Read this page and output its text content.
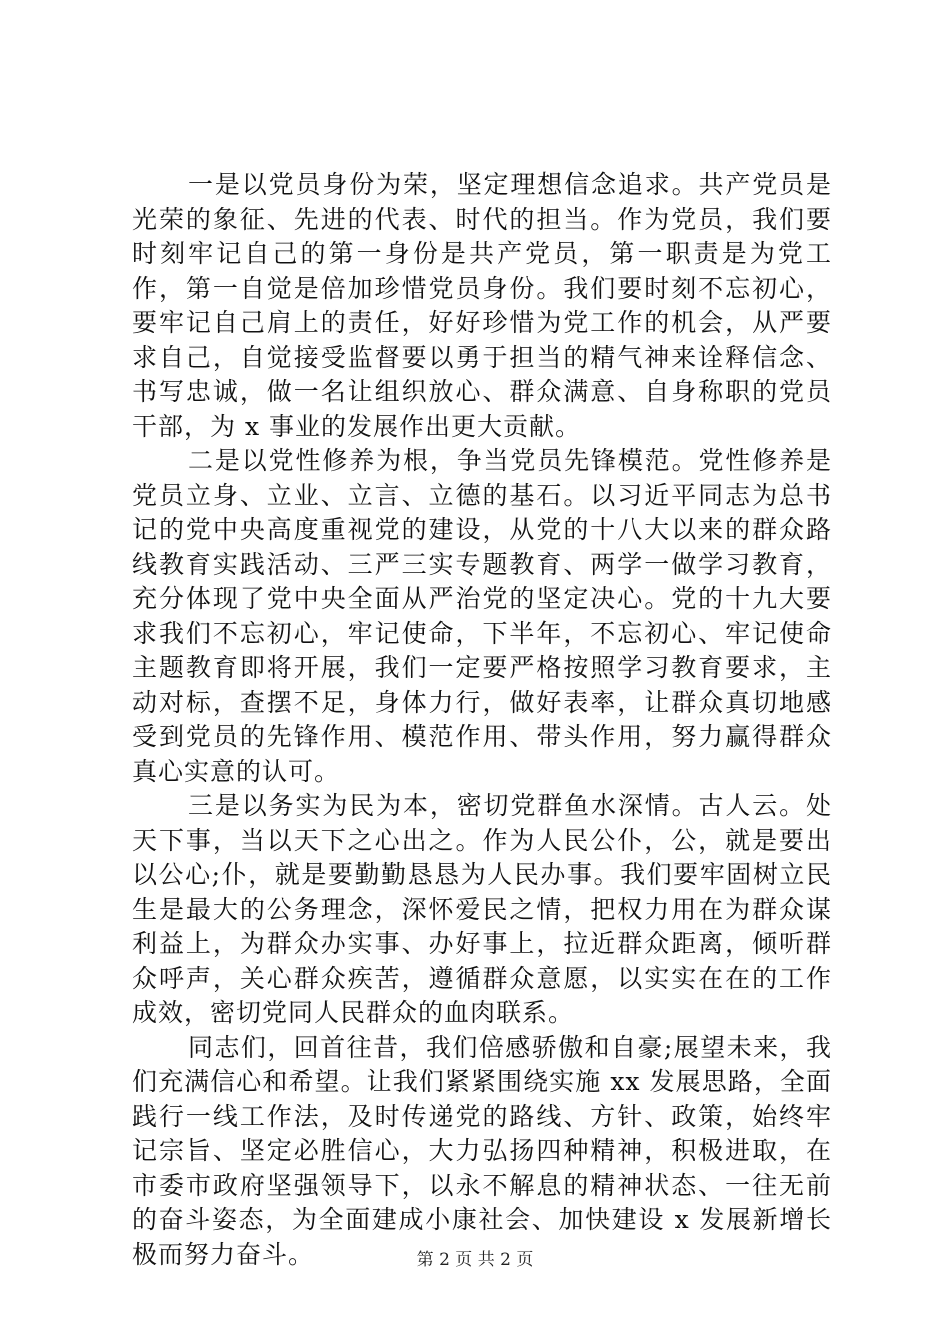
一是以党员身份为荣，坚定理想信念追求。共产党员是光荣的象征、先进的代表、时代的担当。作为党员，我们要时刻牢记自己的第一身份是共产党员，第一职责是为党工作，第一自觉是倍加珍惜党员身份。我们要时刻不忘初心，要牢记自己肩上的责任，好好珍惜为党工作的机会，从严要求自己，自觉接受监督要以勇于担当的精气神来诠释信念、书写忠诚，做一名让组织放心、群众满意、自身称职的党员干部，为 x 事业的发展作出更大贡献。

二是以党性修养为根，争当党员先锋模范。党性修养是党员立身、立业、立言、立德的基石。以习近平同志为总书记的党中央高度重视党的建设，从党的十八大以来的群众路线教育实践活动、三严三实专题教育、两学一做学习教育，充分体现了党中央全面从严治党的坚定决心。党的十九大要求我们不忘初心，牢记使命，下半年，不忘初心、牢记使命主题教育即将开展，我们一定要严格按照学习教育要求，主动对标，查摆不足，身体力行，做好表率，让群众真切地感受到党员的先锋作用、模范作用、带头作用，努力赢得群众真心实意的认可。

三是以务实为民为本，密切党群鱼水深情。古人云。处天下事，当以天下之心出之。作为人民公仆，公，就是要出以公心;仆，就是要勤勤恳恳为人民办事。我们要牢固树立民生是最大的公务理念，深怀爱民之情，把权力用在为群众谋利益上，为群众办实事、办好事上，拉近群众距离，倾听群众呼声，关心群众疾苦，遵循群众意愿，以实实在在的工作成效，密切党同人民群众的血肉联系。

同志们，回首往昔，我们倍感骄傲和自豪;展望未来，我们充满信心和希望。让我们紧紧围绕实施 xx 发展思路，全面践行一线工作法，及时传递党的路线、方针、政策，始终牢记宗旨、坚定必胜信心，大力弘扬四种精神，积极进取，在市委市政府坚强领导下，以永不解息的精神状态、一往无前的奋斗姿态，为全面建成小康社会、加快建设 x 发展新增长极而努力奋斗。	第 2 页 共 2 页
